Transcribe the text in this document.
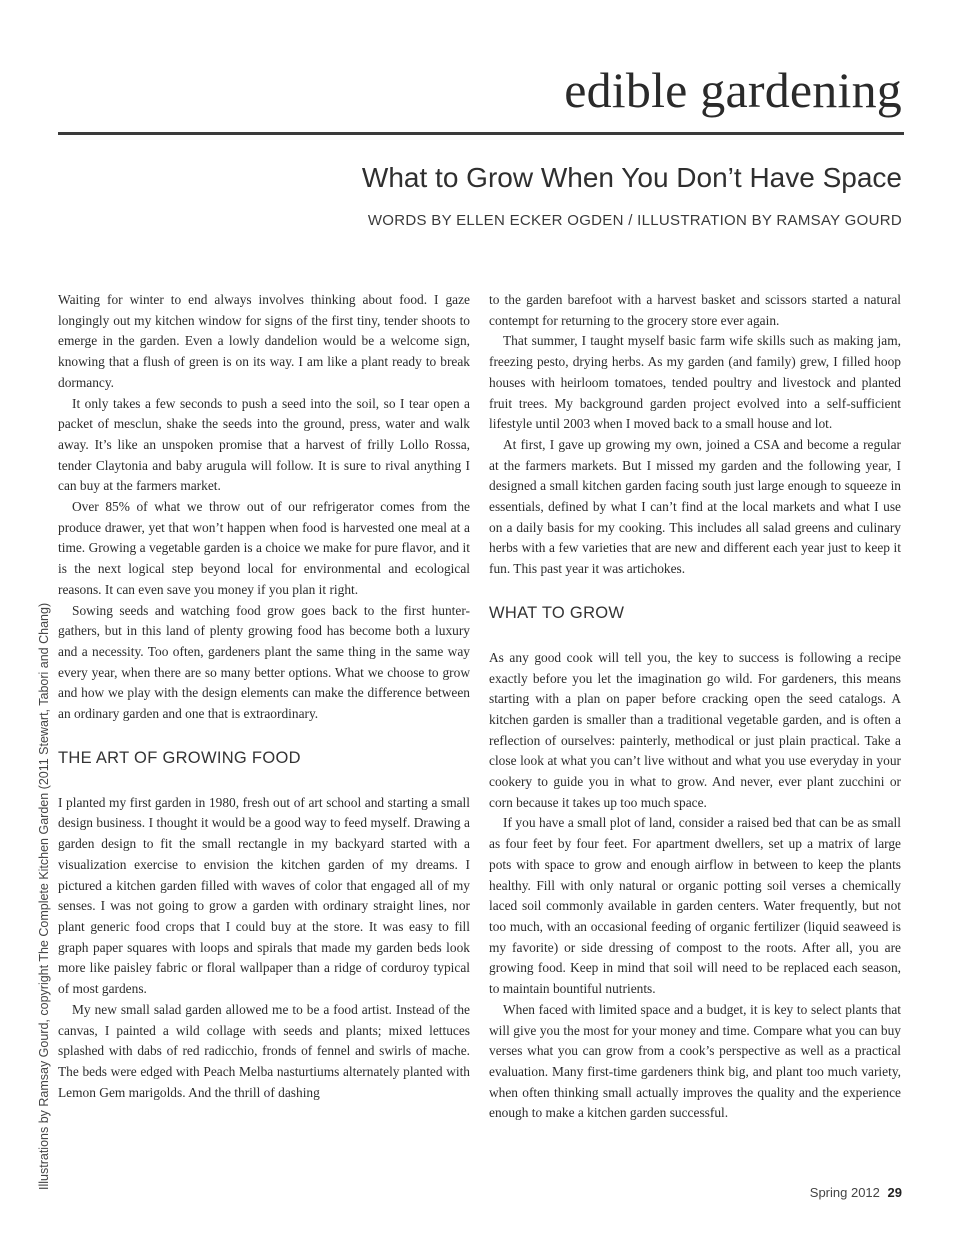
edible gardening
What to Grow When You Don’t Have Space
WORDS BY ELLEN ECKER OGDEN / ILLUSTRATION BY RAMSAY GOURD
Illustrations by Ramsay Gourd, copyright The Complete Kitchen Garden (2011 Stewart, Tabori and Chang)

Waiting for winter to end always involves thinking about food. I gaze longingly out my kitchen window for signs of the first tiny, tender shoots to emerge in the garden. Even a lowly dandelion would be a welcome sign, knowing that a flush of green is on its way. I am like a plant ready to break dormancy.

It only takes a few seconds to push a seed into the soil, so I tear open a packet of mesclun, shake the seeds into the ground, press, water and walk away. It’s like an unspoken promise that a harvest of frilly Lollo Rossa, tender Claytonia and baby arugula will follow. It is sure to rival anything I can buy at the farmers market.

Over 85% of what we throw out of our refrigerator comes from the produce drawer, yet that won’t happen when food is harvested one meal at a time. Growing a vegetable garden is a choice we make for pure flavor, and it is the next logical step beyond local for environmental and ecological reasons. It can even save you money if you plan it right.

Sowing seeds and watching food grow goes back to the first hunter-gathers, but in this land of plenty growing food has become both a luxury and a necessity. Too often, gardeners plant the same thing in the same way every year, when there are so many better options. What we choose to grow and how we play with the design elements can make the difference between an ordinary garden and one that is extraordinary.

THE ART OF GROWING FOOD

I planted my first garden in 1980, fresh out of art school and starting a small design business. I thought it would be a good way to feed myself. Drawing a garden design to fit the small rectangle in my backyard started with a visualization exercise to envision the kitchen garden of my dreams. I pictured a kitchen garden filled with waves of color that engaged all of my senses. I was not going to grow a garden with ordinary straight lines, nor plant generic food crops that I could buy at the store. It was easy to fill graph paper squares with loops and spirals that made my garden beds look more like paisley fabric or floral wallpaper than a ridge of corduroy typical of most gardens.

My new small salad garden allowed me to be a food artist. Instead of the canvas, I painted a wild collage with seeds and plants; mixed lettuces splashed with dabs of red radicchio, fronds of fennel and swirls of mache. The beds were edged with Peach Melba nasturtiums alternately planted with Lemon Gem marigolds. And the thrill of dashing

to the garden barefoot with a harvest basket and scissors started a natural contempt for returning to the grocery store ever again.

That summer, I taught myself basic farm wife skills such as making jam, freezing pesto, drying herbs. As my garden (and family) grew, I filled hoop houses with heirloom tomatoes, tended poultry and livestock and planted fruit trees. My background garden project evolved into a self-sufficient lifestyle until 2003 when I moved back to a small house and lot.

At first, I gave up growing my own, joined a CSA and become a regular at the farmers markets. But I missed my garden and the following year, I designed a small kitchen garden facing south just large enough to squeeze in essentials, defined by what I can’t find at the local markets and what I use on a daily basis for my cooking. This includes all salad greens and culinary herbs with a few varieties that are new and different each year just to keep it fun. This past year it was artichokes.

WHAT TO GROW

As any good cook will tell you, the key to success is following a recipe exactly before you let the imagination go wild. For gardeners, this means starting with a plan on paper before cracking open the seed catalogs. A kitchen garden is smaller than a traditional vegetable garden, and is often a reflection of ourselves: painterly, methodical or just plain practical. Take a close look at what you can’t live without and what you use everyday in your cookery to guide you in what to grow. And never, ever plant zucchini or corn because it takes up too much space.

If you have a small plot of land, consider a raised bed that can be as small as four feet by four feet. For apartment dwellers, set up a matrix of large pots with space to grow and enough airflow in between to keep the plants healthy. Fill with only natural or organic potting soil verses a chemically laced soil commonly available in garden centers. Water frequently, but not too much, with an occasional feeding of organic fertilizer (liquid seaweed is my favorite) or side dressing of compost to the roots. After all, you are growing food. Keep in mind that soil will need to be replaced each season, to maintain bountiful nutrients.

When faced with limited space and a budget, it is key to select plants that will give you the most for your money and time. Compare what you can buy verses what you can grow from a cook’s perspective as well as a practical evaluation. Many first-time gardeners think big, and plant too much variety, when often thinking small actually improves the quality and the experience enough to make a kitchen garden successful.

Spring 2012 29
